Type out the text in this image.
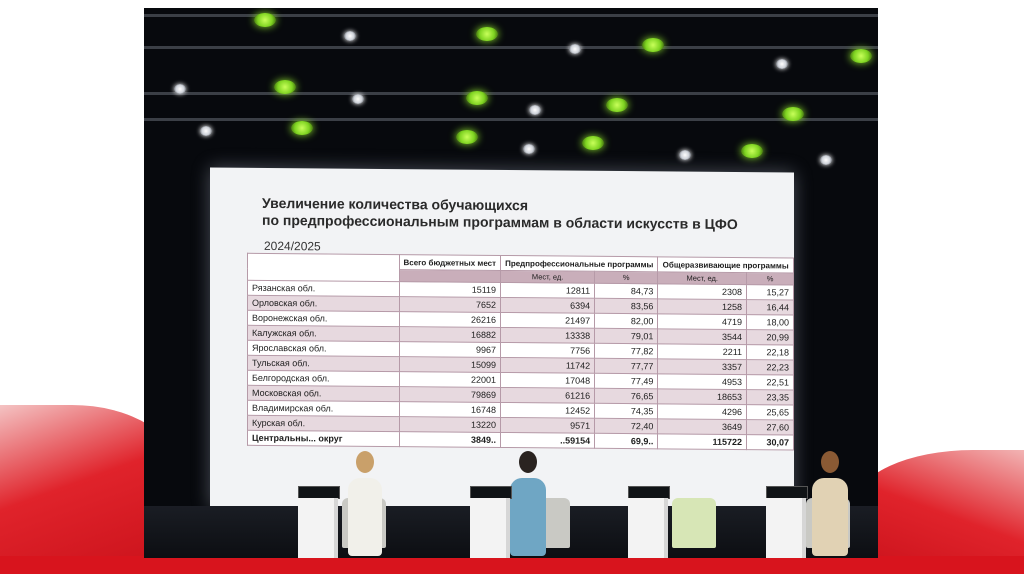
Увеличение количества обучающихся
по предпрофессиональным программам в области искусств в ЦФО
2024/2025
	Всего бюджетных мест	Предпрофессиональные программы		Общеразвивающие программы	
		Мест, ед.	%	Мест, ед.	%
Рязанская обл.	15119	12811	84,73	2308	15,27
Орловская обл.	7652	6394	83,56	1258	16,44
Воронежская обл.	26216	21497	82,00	4719	18,00
Калужская обл.	16882	13338	79,01	3544	20,99
Ярославская обл.	9967	7756	77,82	2211	22,18
Тульская обл.	15099	11742	77,77	3357	22,23
Белгородская обл.	22001	17048	77,49	4953	22,51
Московская обл.	79869	61216	76,65	18653	23,35
Владимирская обл.	16748	12452	74,35	4296	25,65
Курская обл.	13220	9571	72,40	3649	27,60
Центральны... округ	3849..	..59154	69,9..	115722	30,07
